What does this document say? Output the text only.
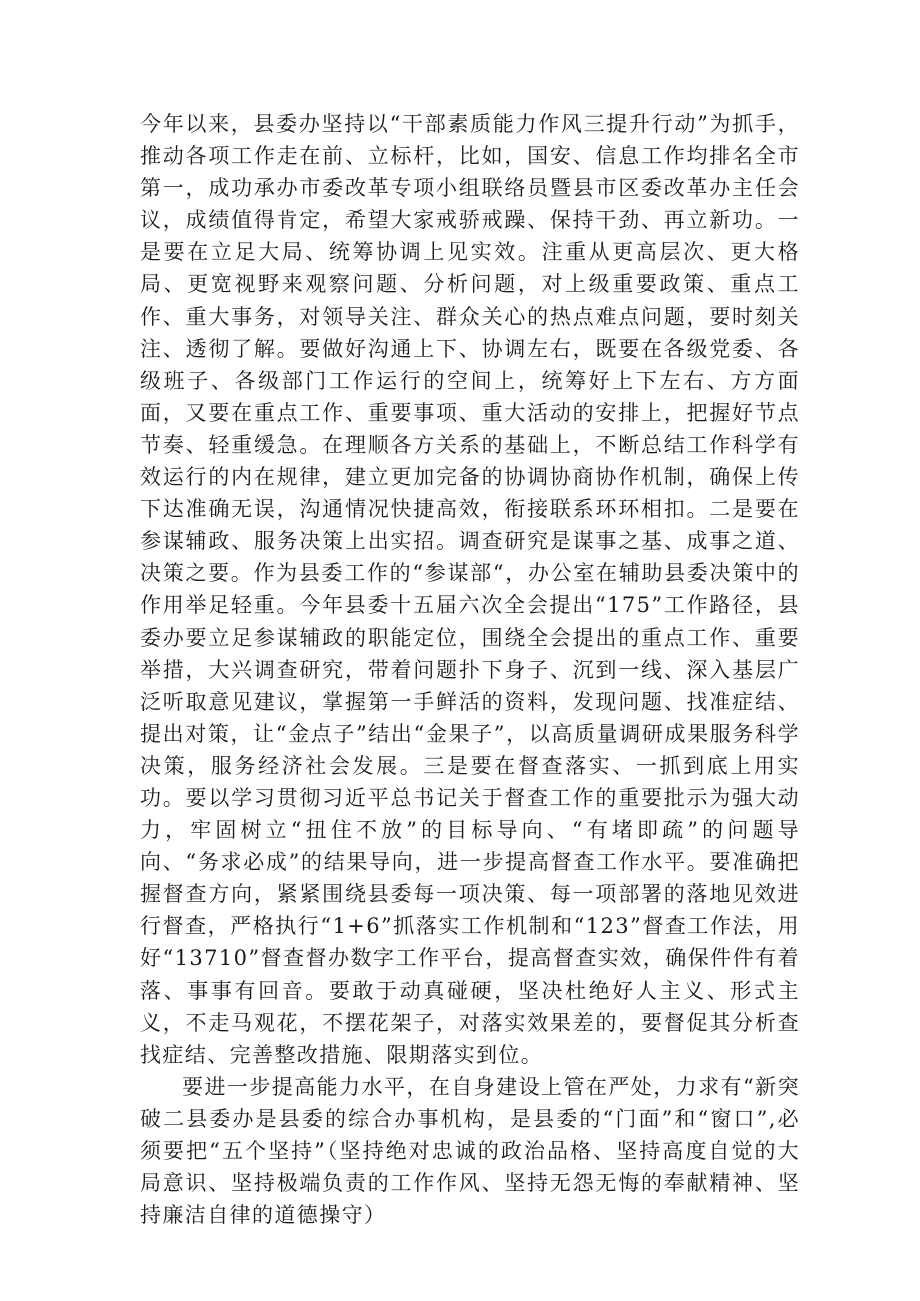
今年以来，县委办坚持以“干部素质能力作风三提升行动”为抓手，推动各项工作走在前、立标杆，比如，国安、信息工作均排名全市第一，成功承办市委改革专项小组联络员暨县市区委改革办主任会议，成绩值得肯定，希望大家戒骄戒躁、保持干劲、再立新功。一是要在立足大局、统筹协调上见实效。注重从更高层次、更大格局、更宽视野来观察问题、分析问题，对上级重要政策、重点工作、重大事务，对领导关注、群众关心的热点难点问题，要时刻关注、透彻了解。要做好沟通上下、协调左右，既要在各级党委、各级班子、各级部门工作运行的空间上，统筹好上下左右、方方面面，又要在重点工作、重要事项、重大活动的安排上，把握好节点节奏、轻重缓急。在理顺各方关系的基础上，不断总结工作科学有效运行的内在规律，建立更加完备的协调协商协作机制，确保上传下达准确无误，沟通情况快捷高效，衔接联系环环相扣。二是要在参谋辅政、服务决策上出实招。调查研究是谋事之基、成事之道、决策之要。作为县委工作的“参谋部“，办公室在辅助县委决策中的作用举足轻重。今年县委十五届六次全会提出“175”工作路径，县委办要立足参谋辅政的职能定位，围绕全会提出的重点工作、重要举措，大兴调查研究，带着问题扑下身子、沉到一线、深入基层广泛听取意见建议，掌握第一手鲜活的资料，发现问题、找准症结、提出对策，让“金点子”结出“金果子”，以高质量调研成果服务科学决策，服务经济社会发展。三是要在督查落实、一抓到底上用实功。要以学习贯彻习近平总书记关于督查工作的重要批示为强大动力，牢固树立“扭住不放”的目标导向、“有堵即疏”的问题导向、“务求必成”的结果导向，进一步提高督查工作水平。要准确把握督查方向，紧紧围绕县委每一项决策、每一项部署的落地见效进行督查，严格执行“1+6”抓落实工作机制和“123”督查工作法，用好“13710”督查督办数字工作平台，提高督查实效，确保件件有着落、事事有回音。要敢于动真碰硬，坚决杜绝好人主义、形式主义，不走马观花，不摆花架子，对落实效果差的，要督促其分析查找症结、完善整改措施、限期落实到位。

要进一步提高能力水平，在自身建设上管在严处，力求有“新突破二县委办是县委的综合办事机构，是县委的“门面”和“窗口”,必须要把“五个坚持”（坚持绝对忠诚的政治品格、坚持高度自觉的大局意识、坚持极端负责的工作作风、坚持无怨无悔的奉献精神、坚持廉洁自律的道德操守）
